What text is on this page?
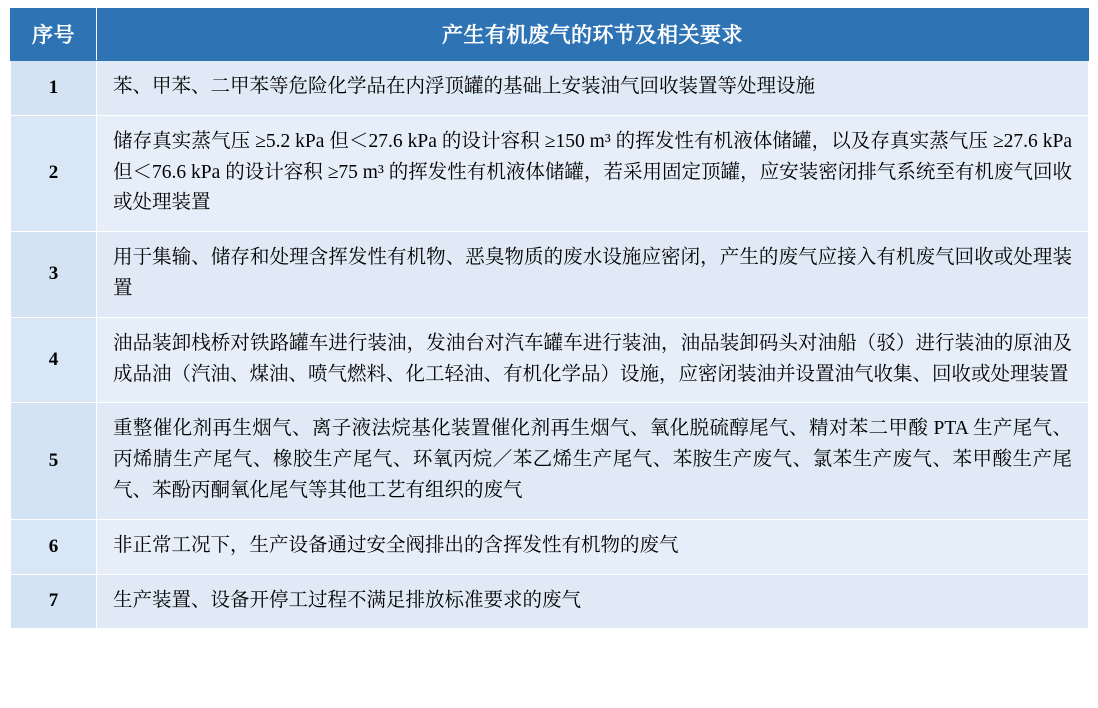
序号	产生有机废气的环节及相关要求
1	苯、甲苯、二甲苯等危险化学品在内浮顶罐的基础上安装油气回收装置等处理设施
2	储存真实蒸气压 ≥5.2 kPa 但＜27.6 kPa 的设计容积 ≥150 m³ 的挥发性有机液体储罐，以及存真实蒸气压 ≥27.6 kPa 但＜76.6 kPa 的设计容积 ≥75 m³ 的挥发性有机液体储罐，若采用固定顶罐，应安装密闭排气系统至有机废气回收或处理装置
3	用于集输、储存和处理含挥发性有机物、恶臭物质的废水设施应密闭，产生的废气应接入有机废气回收或处理装置
4	油品装卸栈桥对铁路罐车进行装油，发油台对汽车罐车进行装油，油品装卸码头对油船（驳）进行装油的原油及成品油（汽油、煤油、喷气燃料、化工轻油、有机化学品）设施，应密闭装油并设置油气收集、回收或处理装置
5	重整催化剂再生烟气、离子液法烷基化装置催化剂再生烟气、氧化脱硫醇尾气、精对苯二甲酸 PTA 生产尾气、丙烯腈生产尾气、橡胶生产尾气、环氧丙烷／苯乙烯生产尾气、苯胺生产废气、氯苯生产废气、苯甲酸生产尾气、苯酚丙酮氧化尾气等其他工艺有组织的废气
6	非正常工况下，生产设备通过安全阀排出的含挥发性有机物的废气
7	生产装置、设备开停工过程不满足排放标准要求的废气
